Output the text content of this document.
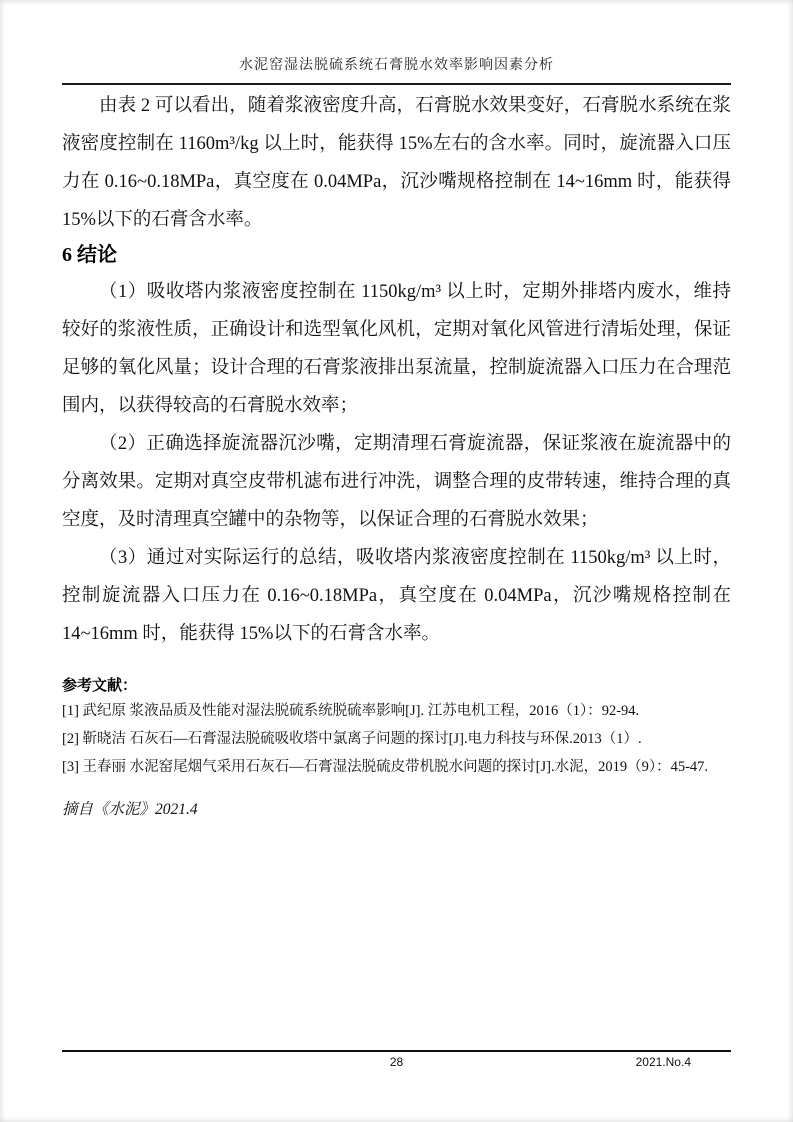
水泥窑湿法脱硫系统石膏脱水效率影响因素分析

由表 2 可以看出，随着浆液密度升高，石膏脱水效果变好，石膏脱水系统在浆液密度控制在 1160m³/kg 以上时，能获得 15%左右的含水率。同时，旋流器入口压力在 0.16~0.18MPa，真空度在 0.04MPa，沉沙嘴规格控制在 14~16mm 时，能获得 15%以下的石膏含水率。

6 结论

（1）吸收塔内浆液密度控制在 1150kg/m³ 以上时，定期外排塔内废水，维持较好的浆液性质，正确设计和选型氧化风机，定期对氧化风管进行清垢处理，保证足够的氧化风量；设计合理的石膏浆液排出泵流量，控制旋流器入口压力在合理范围内，以获得较高的石膏脱水效率；

（2）正确选择旋流器沉沙嘴，定期清理石膏旋流器，保证浆液在旋流器中的分离效果。定期对真空皮带机滤布进行冲洗，调整合理的皮带转速，维持合理的真空度，及时清理真空罐中的杂物等，以保证合理的石膏脱水效果；

（3）通过对实际运行的总结，吸收塔内浆液密度控制在 1150kg/m³ 以上时，控制旋流器入口压力在 0.16~0.18MPa，真空度在 0.04MPa，沉沙嘴规格控制在 14~16mm 时，能获得 15%以下的石膏含水率。

参考文献：
[1] 武纪原 浆液品质及性能对湿法脱硫系统脱硫率影响[J]. 江苏电机工程，2016（1）：92-94.
[2] 靳晓洁 石灰石—石膏湿法脱硫吸收塔中氯离子问题的探讨[J].电力科技与环保.2013（1）.
[3] 王春丽 水泥窑尾烟气采用石灰石—石膏湿法脱硫皮带机脱水问题的探讨[J].水泥，2019（9）：45-47.
摘自《水泥》2021.4
28	2021.No.4
